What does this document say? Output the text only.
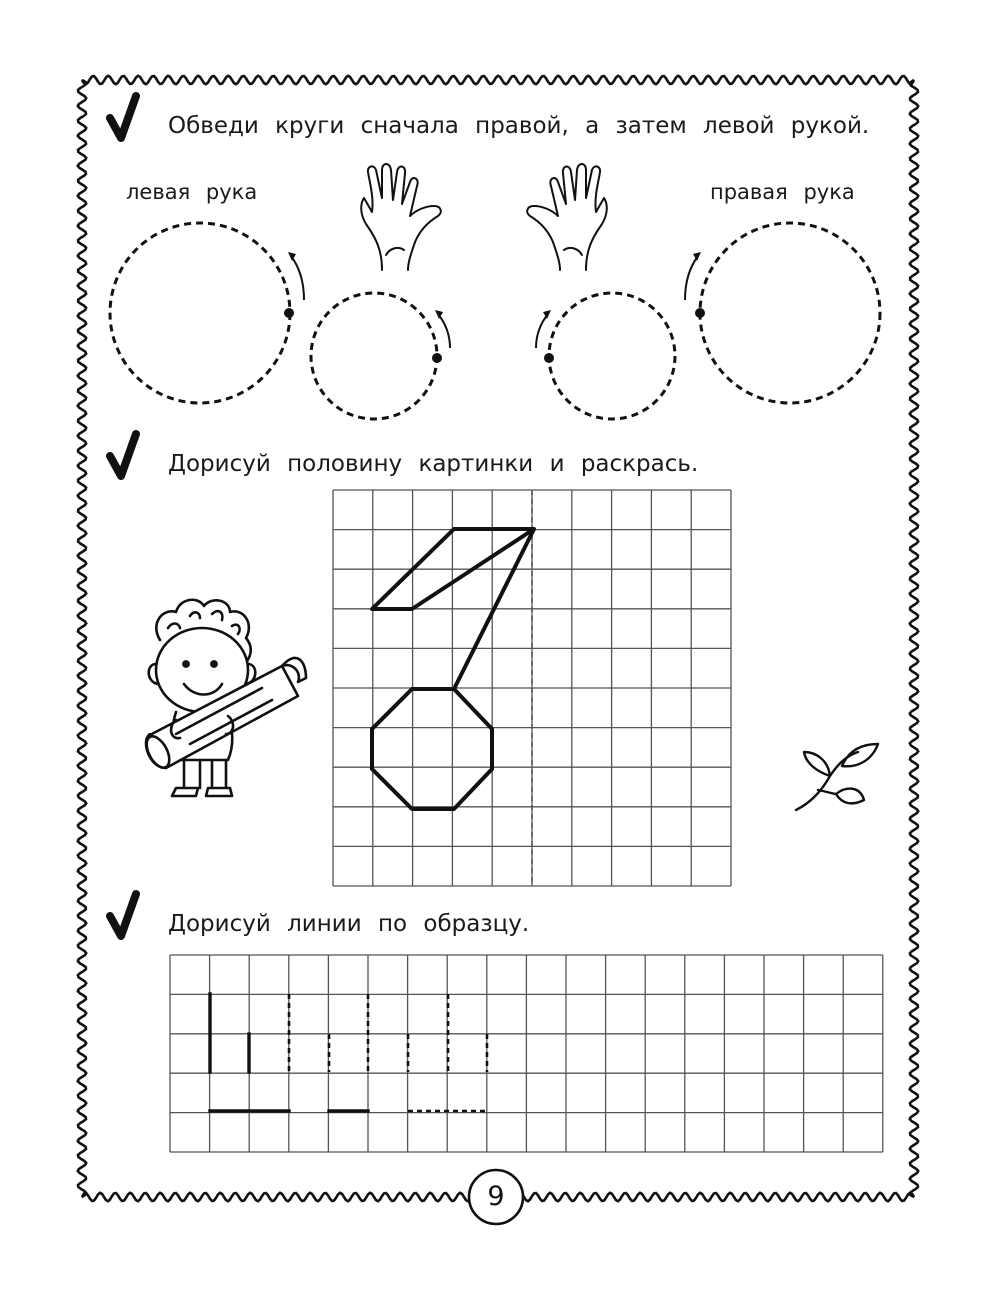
Обведи круги сначала правой, а затем левой рукой.
левая рука	правая рука
Дорисуй половину картинки и раскрась.
Дорисуй линии по образцу.
9
